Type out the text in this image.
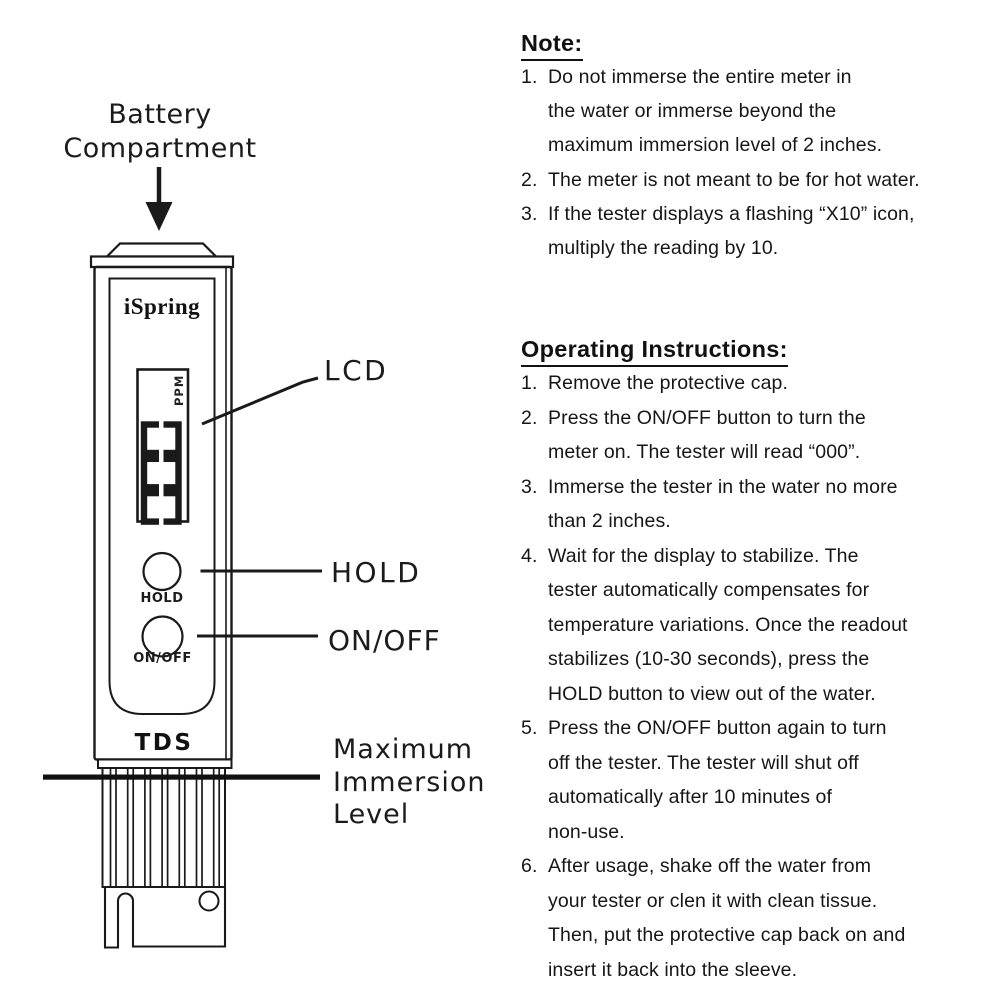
Battery
Compartment
iSpring
PPM
HOLD
ON/OFF
TDS
LCD
HOLD
ON/OFF
Maximum
Immersion
Level
Note:
1. Do not immerse the entire meter in
the water or immerse beyond the
maximum immersion level of 2 inches.
2. The meter is not meant to be for hot water.
3. If the tester displays a flashing “X10” icon,
multiply the reading by 10.
Operating Instructions:
1. Remove the protective cap.
2. Press the ON/OFF button to turn the
meter on. The tester will read “000”.
3. Immerse the tester in the water no more
than 2 inches.
4. Wait for the display to stabilize. The
tester automatically compensates for
temperature variations. Once the readout
stabilizes (10-30 seconds), press the
HOLD button to view out of the water.
5. Press the ON/OFF button again to turn
off the tester. The tester will shut off
automatically after 10 minutes of
non-use.
6. After usage, shake off the water from
your tester or clen it with clean tissue.
Then, put the protective cap back on and
insert it back into the sleeve.
